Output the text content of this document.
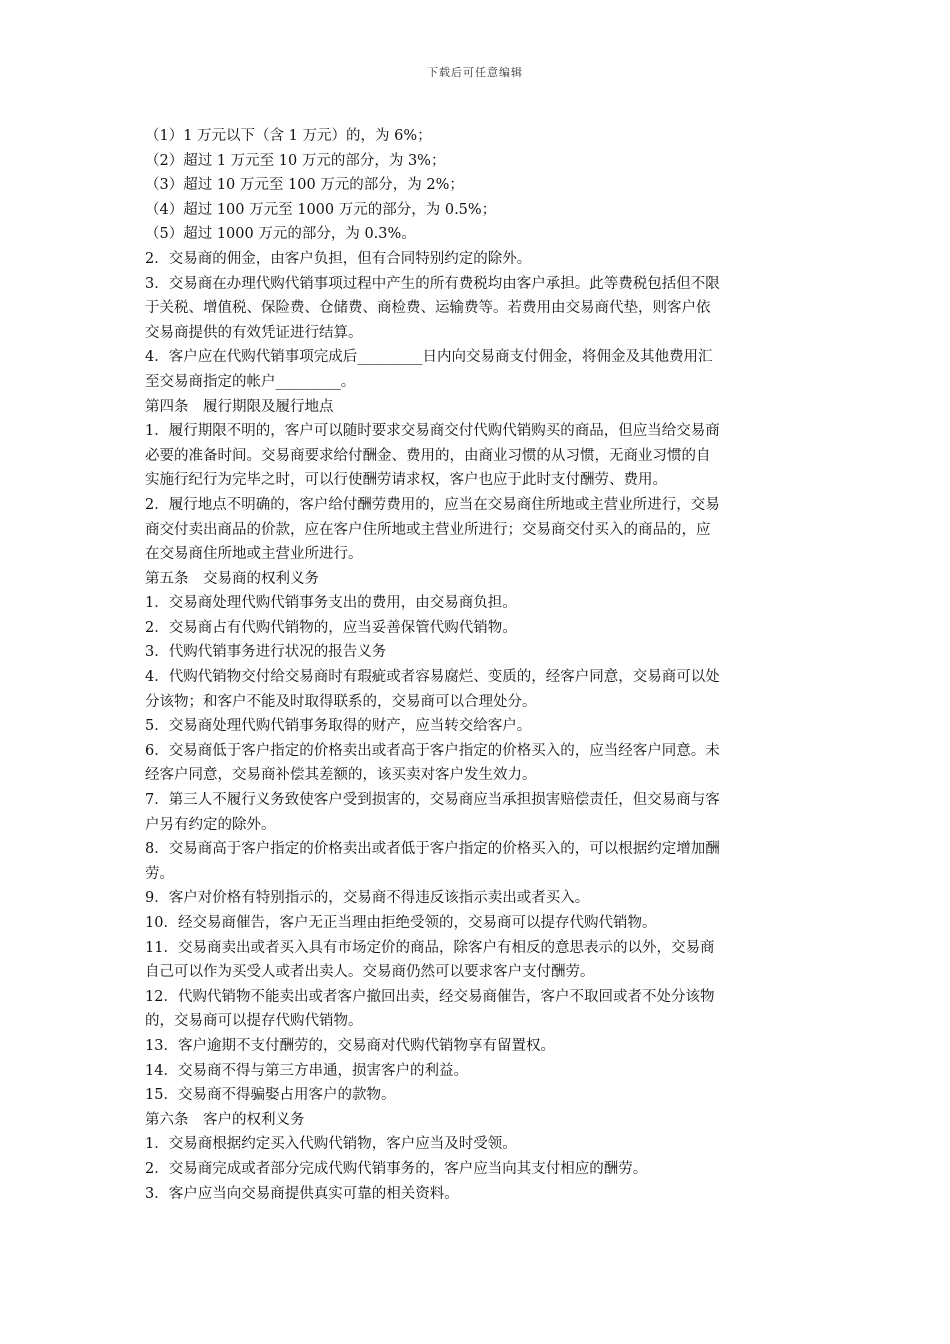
下载后可任意编辑
（1）1 万元以下（含 1 万元）的，为 6%；
（2）超过 1 万元至 10 万元的部分，为 3%；
（3）超过 10 万元至 100 万元的部分，为 2%；
（4）超过 100 万元至 1000 万元的部分，为 0.5%；
（5）超过 1000 万元的部分，为 0.3%。
2．交易商的佣金，由客户负担，但有合同特别约定的除外。
3．交易商在办理代购代销事项过程中产生的所有费税均由客户承担。此等费税包括但不限
于关税、增值税、保险费、仓储费、商检费、运输费等。若费用由交易商代垫，则客户依
交易商提供的有效凭证进行结算。
4．客户应在代购代销事项完成后_________日内向交易商支付佣金，将佣金及其他费用汇
至交易商指定的帐户_________。
第四条　履行期限及履行地点
1．履行期限不明的，客户可以随时要求交易商交付代购代销购买的商品，但应当给交易商
必要的准备时间。交易商要求给付酬金、费用的，由商业习惯的从习惯，无商业习惯的自
实施行纪行为完毕之时，可以行使酬劳请求权，客户也应于此时支付酬劳、费用。
2．履行地点不明确的，客户给付酬劳费用的，应当在交易商住所地或主营业所进行，交易
商交付卖出商品的价款，应在客户住所地或主营业所进行；交易商交付买入的商品的，应
在交易商住所地或主营业所进行。
第五条　交易商的权利义务
1．交易商处理代购代销事务支出的费用，由交易商负担。
2．交易商占有代购代销物的，应当妥善保管代购代销物。
3．代购代销事务进行状况的报告义务
4．代购代销物交付给交易商时有瑕疵或者容易腐烂、变质的，经客户同意，交易商可以处
分该物；和客户不能及时取得联系的，交易商可以合理处分。
5．交易商处理代购代销事务取得的财产，应当转交给客户。
6．交易商低于客户指定的价格卖出或者高于客户指定的价格买入的，应当经客户同意。未
经客户同意，交易商补偿其差额的，该买卖对客户发生效力。
7．第三人不履行义务致使客户受到损害的，交易商应当承担损害赔偿责任，但交易商与客
户另有约定的除外。
8．交易商高于客户指定的价格卖出或者低于客户指定的价格买入的，可以根据约定增加酬
劳。
9．客户对价格有特别指示的，交易商不得违反该指示卖出或者买入。
10．经交易商催告，客户无正当理由拒绝受领的，交易商可以提存代购代销物。
11．交易商卖出或者买入具有市场定价的商品，除客户有相反的意思表示的以外，交易商
自己可以作为买受人或者出卖人。交易商仍然可以要求客户支付酬劳。
12．代购代销物不能卖出或者客户撤回出卖，经交易商催告，客户不取回或者不处分该物
的，交易商可以提存代购代销物。
13．客户逾期不支付酬劳的，交易商对代购代销物享有留置权。
14．交易商不得与第三方串通，损害客户的利益。
15．交易商不得骗娶占用客户的款物。
第六条　客户的权利义务
1．交易商根据约定买入代购代销物，客户应当及时受领。
2．交易商完成或者部分完成代购代销事务的，客户应当向其支付相应的酬劳。
3．客户应当向交易商提供真实可靠的相关资料。
